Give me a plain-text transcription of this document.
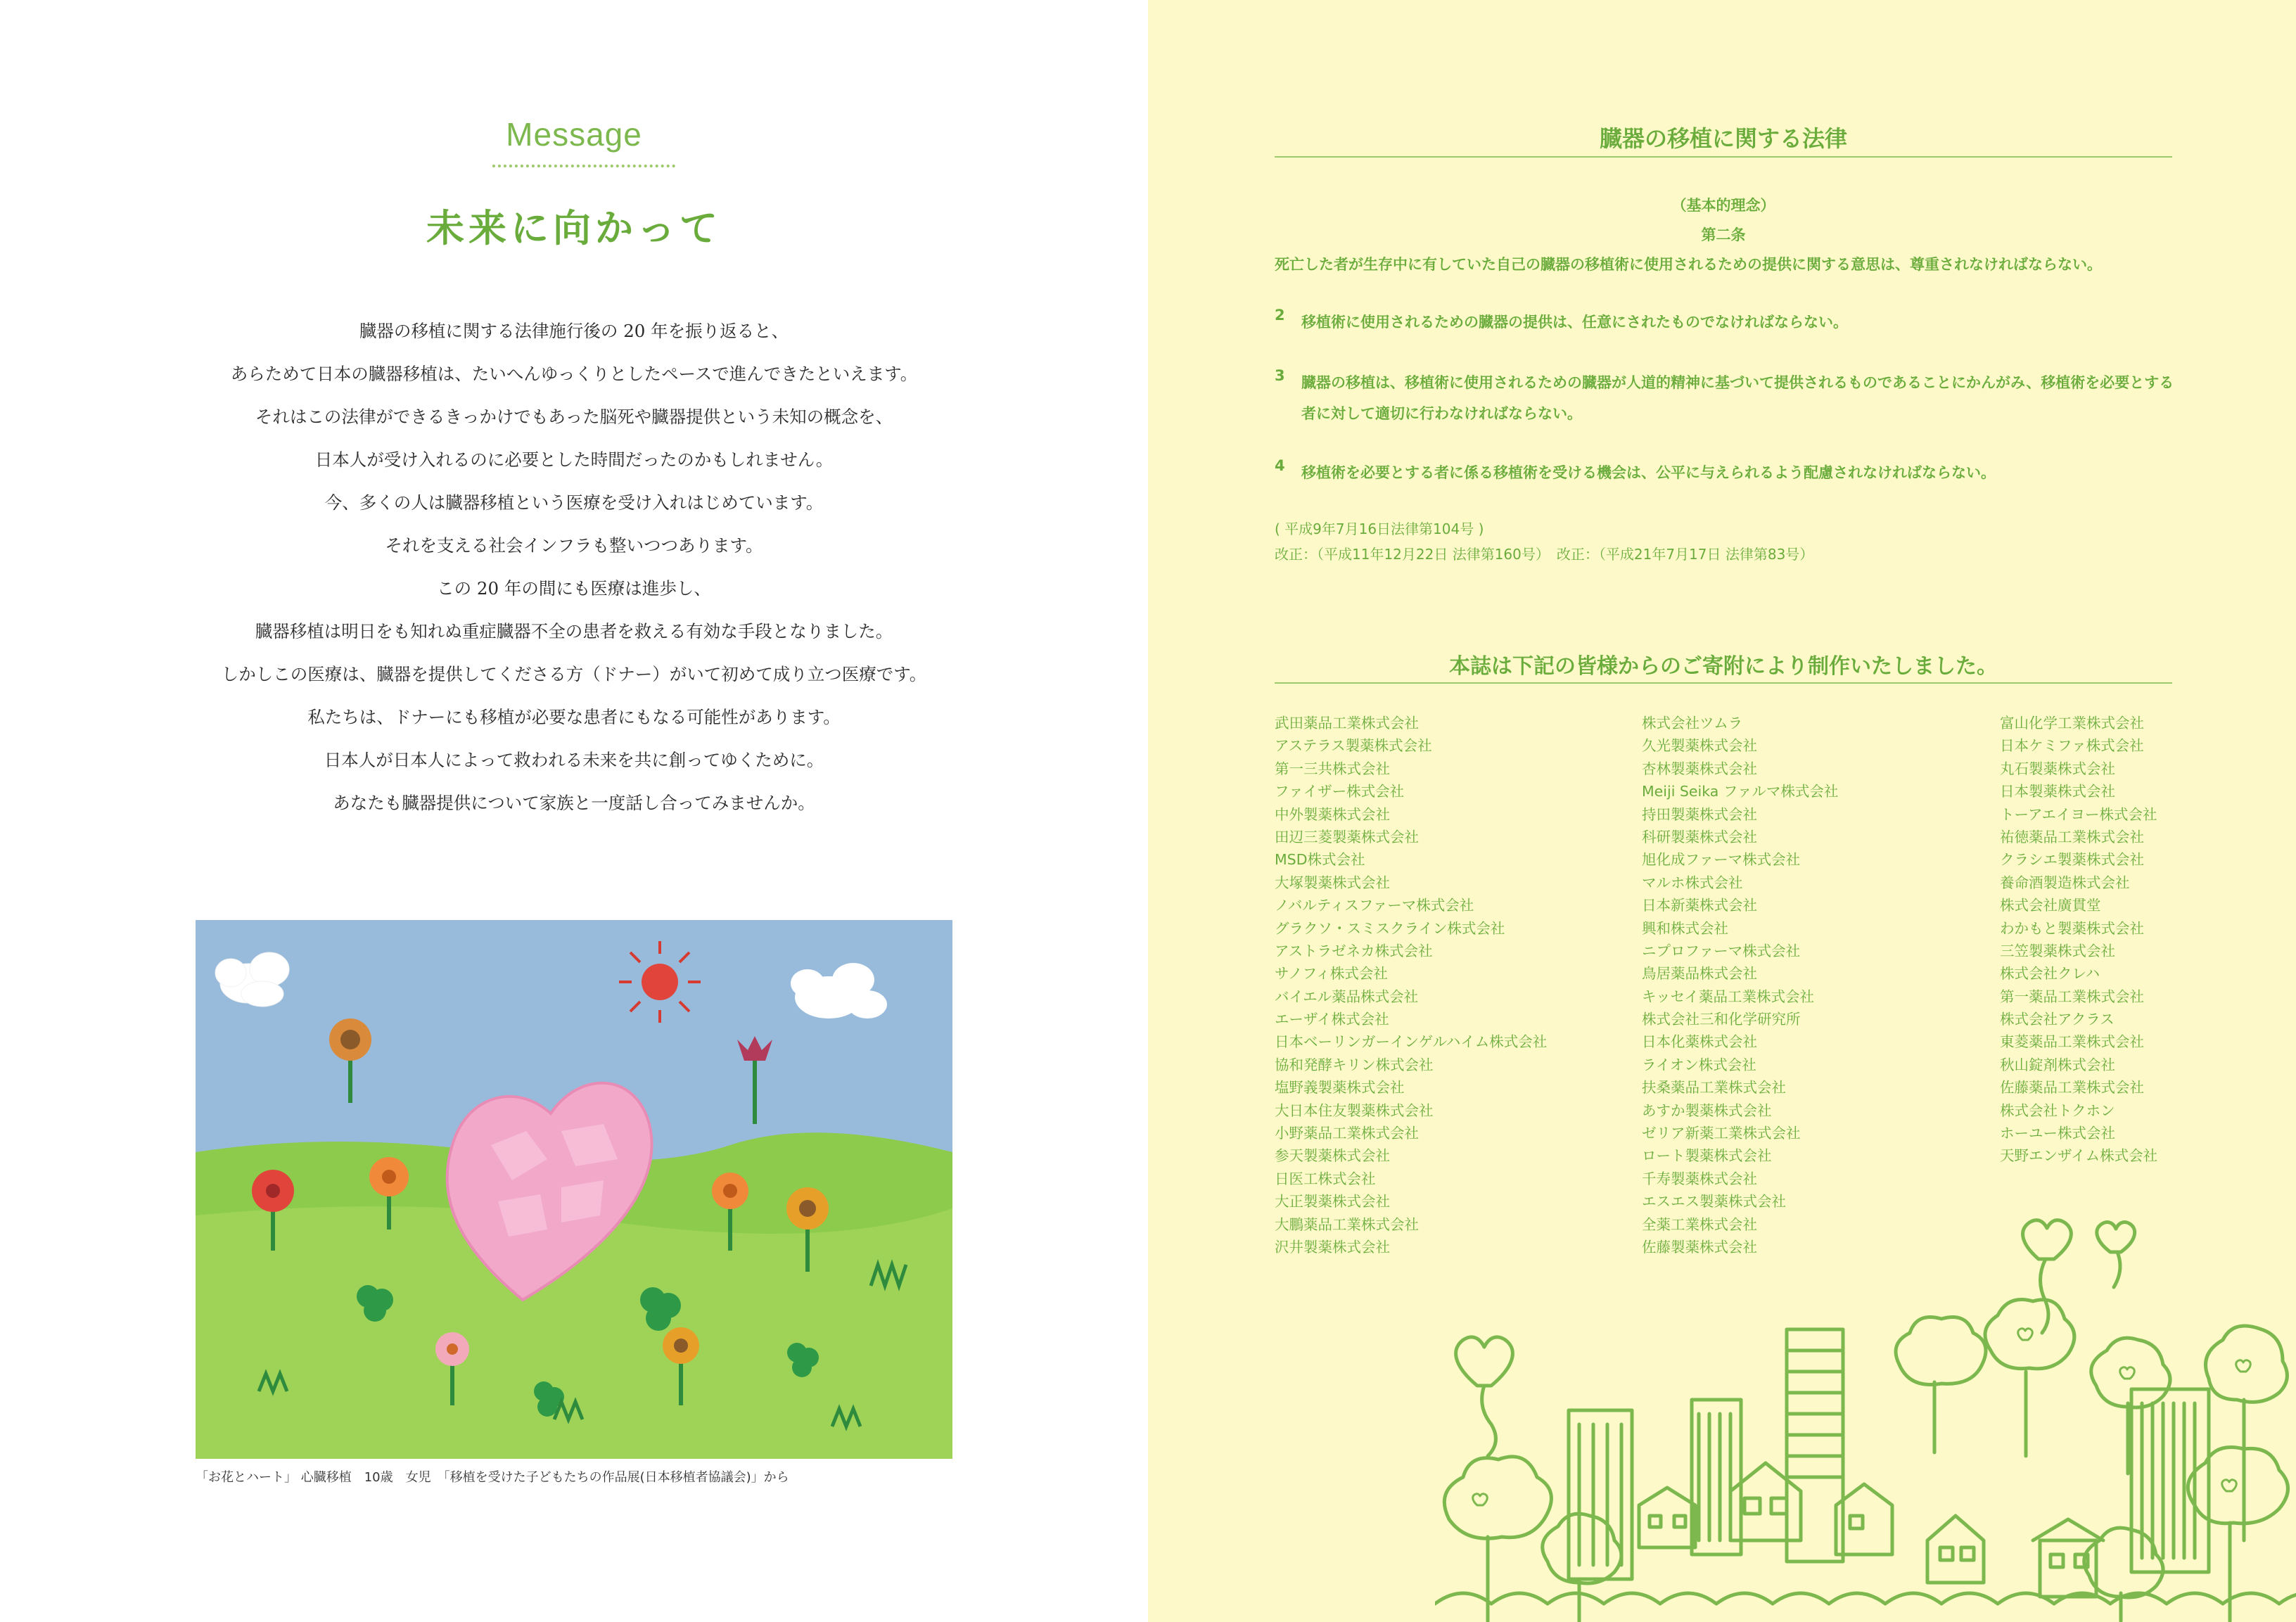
Message
未来に向かって
臓器の移植に関する法律施行後の 20 年を振り返ると、
あらためて日本の臓器移植は、たいへんゆっくりとしたペースで進んできたといえます。
それはこの法律ができるきっかけでもあった脳死や臓器提供という未知の概念を、
日本人が受け入れるのに必要とした時間だったのかもしれません。
今、多くの人は臓器移植という医療を受け入れはじめています。
それを支える社会インフラも整いつつあります。
この 20 年の間にも医療は進歩し、
臓器移植は明日をも知れぬ重症臓器不全の患者を救える有効な手段となりました。
しかしこの医療は、臓器を提供してくださる方（ドナー）がいて初めて成り立つ医療です。
私たちは、ドナーにも移植が必要な患者にもなる可能性があります。
日本人が日本人によって救われる未来を共に創ってゆくために。
あなたも臓器提供について家族と一度話し合ってみませんか。
「お花とハート」 心臓移植　10歳　女児　「移植を受けた子どもたちの作品展(日本移植者協議会)」から
臓器の移植に関する法律
（基本的理念）
第二条
死亡した者が生存中に有していた自己の臓器の移植術に使用されるための提供に関する意思は、尊重されなければならない。
2 移植術に使用されるための臓器の提供は、任意にされたものでなければならない。
3 臓器の移植は、移植術に使用されるための臓器が人道的精神に基づいて提供されるものであることにかんがみ、移植術を必要とする者に対して適切に行わなければならない。
4 移植術を必要とする者に係る移植術を受ける機会は、公平に与えられるよう配慮されなければならない。
( 平成9年7月16日法律第104号 )
改正：（平成11年12月22日 法律第160号）　改正：（平成21年7月17日 法律第83号）
本誌は下記の皆様からのご寄附により制作いたしました。
武田薬品工業株式会社
アステラス製薬株式会社
第一三共株式会社
ファイザー株式会社
中外製薬株式会社
田辺三菱製薬株式会社
MSD株式会社
大塚製薬株式会社
ノバルティスファーマ株式会社
グラクソ・スミスクライン株式会社
アストラゼネカ株式会社
サノフィ株式会社
バイエル薬品株式会社
エーザイ株式会社
日本ベーリンガーインゲルハイム株式会社
協和発酵キリン株式会社
塩野義製薬株式会社
大日本住友製薬株式会社
小野薬品工業株式会社
参天製薬株式会社
日医工株式会社
大正製薬株式会社
大鵬薬品工業株式会社
沢井製薬株式会社
株式会社ツムラ
久光製薬株式会社
杏林製薬株式会社
Meiji Seika ファルマ株式会社
持田製薬株式会社
科研製薬株式会社
旭化成ファーマ株式会社
マルホ株式会社
日本新薬株式会社
興和株式会社
ニプロファーマ株式会社
鳥居薬品株式会社
キッセイ薬品工業株式会社
株式会社三和化学研究所
日本化薬株式会社
ライオン株式会社
扶桑薬品工業株式会社
あすか製薬株式会社
ゼリア新薬工業株式会社
ロート製薬株式会社
千寿製薬株式会社
エスエス製薬株式会社
全薬工業株式会社
佐藤製薬株式会社
富山化学工業株式会社
日本ケミファ株式会社
丸石製薬株式会社
日本製薬株式会社
トーアエイヨー株式会社
祐徳薬品工業株式会社
クラシエ製薬株式会社
養命酒製造株式会社
株式会社廣貫堂
わかもと製薬株式会社
三笠製薬株式会社
株式会社クレハ
第一薬品工業株式会社
株式会社アクラス
東菱薬品工業株式会社
秋山錠剤株式会社
佐藤薬品工業株式会社
株式会社トクホン
ホーユー株式会社
天野エンザイム株式会社
